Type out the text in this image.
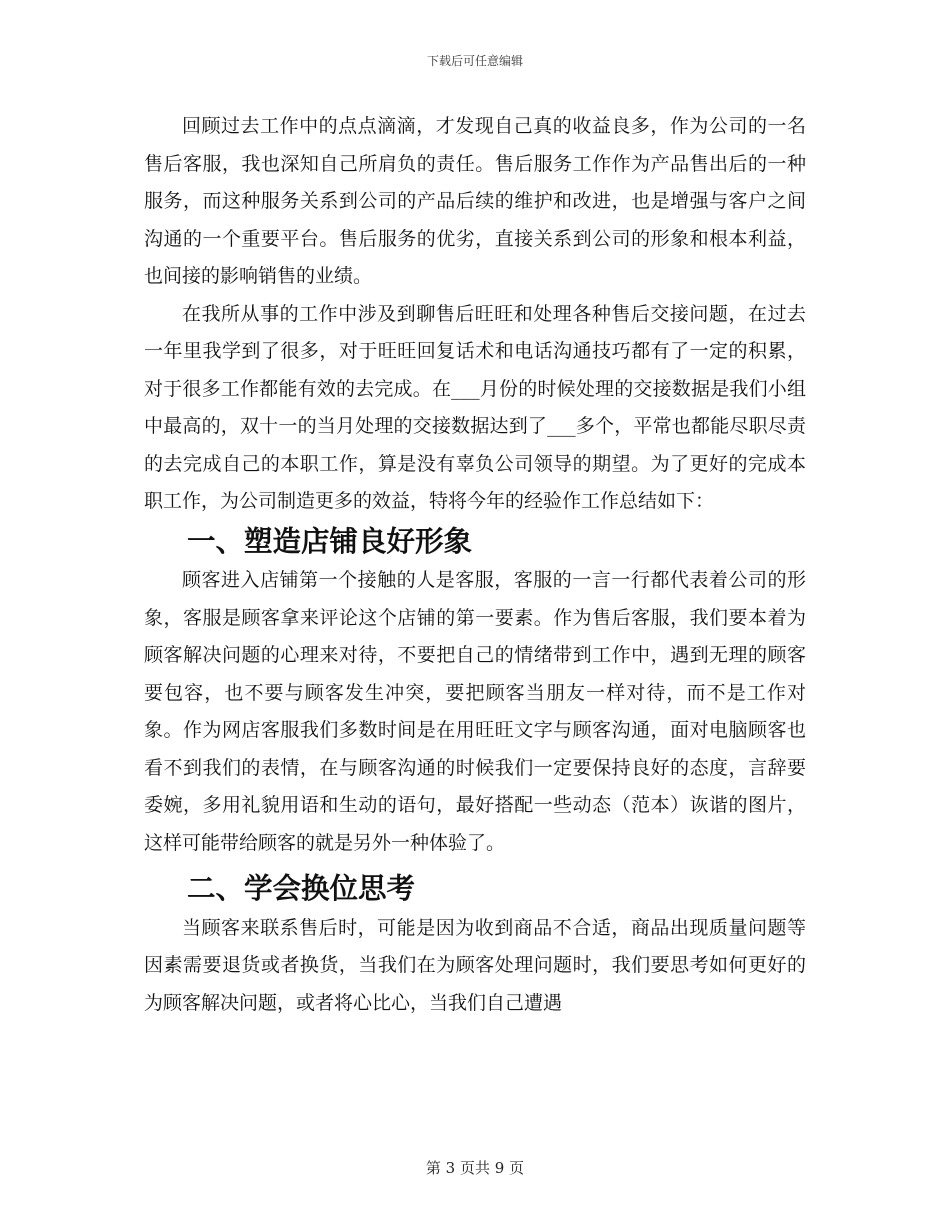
下载后可任意编辑

回顾过去工作中的点点滴滴，才发现自己真的收益良多，作为公司的一名售后客服，我也深知自己所肩负的责任。售后服务工作作为产品售出后的一种服务，而这种服务关系到公司的产品后续的维护和改进，也是增强与客户之间沟通的一个重要平台。售后服务的优劣，直接关系到公司的形象和根本利益，也间接的影响销售的业绩。

在我所从事的工作中涉及到聊售后旺旺和处理各种售后交接问题，在过去一年里我学到了很多，对于旺旺回复话术和电话沟通技巧都有了一定的积累，对于很多工作都能有效的去完成。在___月份的时候处理的交接数据是我们小组中最高的，双十一的当月处理的交接数据达到了___多个，平常也都能尽职尽责的去完成自己的本职工作，算是没有辜负公司领导的期望。为了更好的完成本职工作，为公司制造更多的效益，特将今年的经验作工作总结如下：

一、塑造店铺良好形象

顾客进入店铺第一个接触的人是客服，客服的一言一行都代表着公司的形象，客服是顾客拿来评论这个店铺的第一要素。作为售后客服，我们要本着为顾客解决问题的心理来对待，不要把自己的情绪带到工作中，遇到无理的顾客要包容，也不要与顾客发生冲突，要把顾客当朋友一样对待，而不是工作对象。作为网店客服我们多数时间是在用旺旺文字与顾客沟通，面对电脑顾客也看不到我们的表情，在与顾客沟通的时候我们一定要保持良好的态度，言辞要委婉，多用礼貌用语和生动的语句，最好搭配一些动态（范本）诙谐的图片，这样可能带给顾客的就是另外一种体验了。

二、学会换位思考

当顾客来联系售后时，可能是因为收到商品不合适，商品出现质量问题等因素需要退货或者换货，当我们在为顾客处理问题时，我们要思考如何更好的为顾客解决问题，或者将心比心，当我们自己遭遇

第 3 页共 9 页
